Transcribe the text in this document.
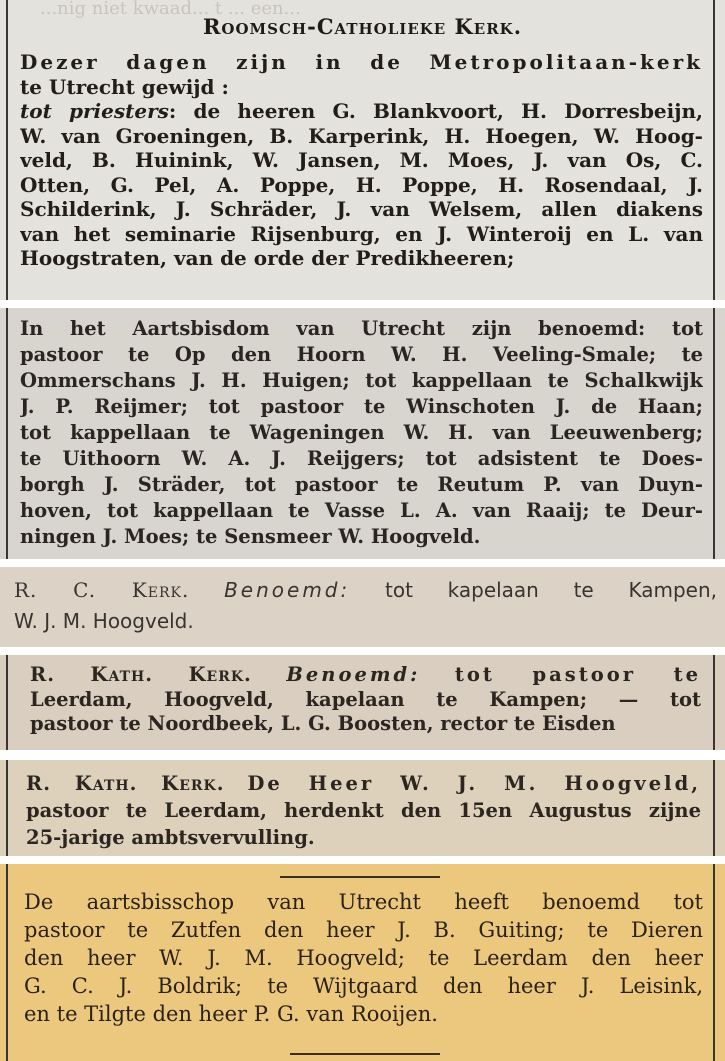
...nig niet kwaad... t ... een...
Roomsch-Catholieke Kerk.
Dezer dagen zijn in de Metropolitaan-kerk
te Utrecht gewijd :
tot priesters: de heeren G. Blankvoort, H. Dorresbeijn,
W. van Groeningen, B. Karperink, H. Hoegen, W. Hoog-
veld, B. Huinink, W. Jansen, M. Moes, J. van Os, C.
Otten, G. Pel, A. Poppe, H. Poppe, H. Rosendaal, J.
Schilderink, J. Schräder, J. van Welsem, allen diakens
van het seminarie Rijsenburg, en J. Winteroij en L. van
Hoogstraten, van de orde der Predikheeren;
In het Aartsbisdom van Utrecht zijn benoemd: tot
pastoor te Op den Hoorn W. H. Veeling-Smale; te
Ommerschans J. H. Huigen; tot kappellaan te Schalkwijk
J. P. Reijmer; tot pastoor te Winschoten J. de Haan;
tot kappellaan te Wageningen W. H. van Leeuwenberg;
te Uithoorn W. A. J. Reijgers; tot adsistent te Does-
borgh J. Sträder, tot pastoor te Reutum P. van Duyn-
hoven, tot kappellaan te Vasse L. A. van Raaij; te Deur-
ningen J. Moes; te Sensmeer W. Hoogveld.
R. C. Kerk. Benoemd: tot kapelaan te Kampen,
W. J. M. Hoogveld.
R. Kath. Kerk. Benoemd: tot pastoor te
Leerdam, Hoogveld, kapelaan te Kampen; — tot
pastoor te Noordbeek, L. G. Boosten, rector te Eisden
R. Kath. Kerk. De Heer W. J. M. Hoogveld,
pastoor te Leerdam, herdenkt den 15en Augustus zijne
25-jarige ambtsvervulling.
De aartsbisschop van Utrecht heeft benoemd tot
pastoor te Zutfen den heer J. B. Guiting; te Dieren
den heer W. J. M. Hoogveld; te Leerdam den heer
G. C. J. Boldrik; te Wijtgaard den heer J. Leisink,
en te Tilgte den heer P. G. van Rooijen.
